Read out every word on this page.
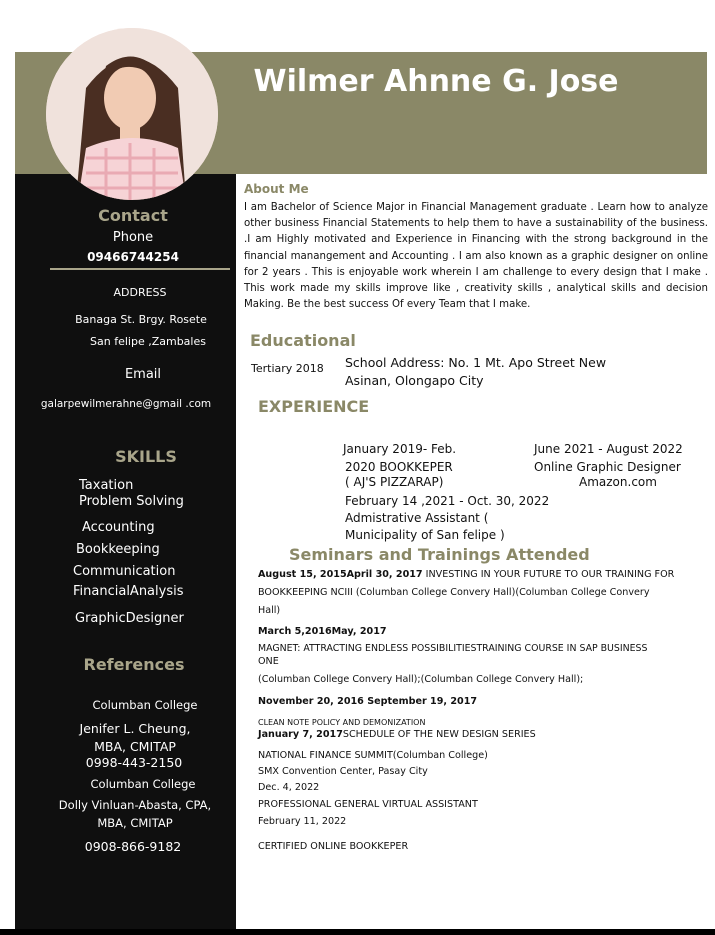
Wilmer Ahnne G. Jose
Contact
Phone
09466744254
ADDRESS
Banaga St. Brgy. Rosete
San felipe ,Zambales
Email
galarpewilmerahne@gmail .com
SKILLS
Taxation
Problem Solving
Accounting
Bookkeeping
Communication
FinancialAnalysis
GraphicDesigner
References
Columban College
Jenifer L. Cheung,
MBA, CMITAP
0998-443-2150
Columban College
Dolly Vinluan-Abasta, CPA,
MBA, CMITAP
0908-866-9182
About Me
I am Bachelor of Science Major in Financial Management graduate . Learn how to analyze other business Financial Statements to help them to have a sustainability of the business. .I am Highly motivated and Experience in Financing with the strong background in the financial manangement and Accounting . I am also known as a graphic designer on online for 2 years . This is enjoyable work wherein I am challenge to every design that I make . This work made my skills improve like , creativity skills , analytical skills and decision Making. Be the best success Of every Team that I make.
Educational
Tertiary 2018 School Address: No. 1 Mt. Apo Street New
Asinan, Olongapo City
EXPERIENCE
January 2019- Feb.
2020 BOOKKEPER
( AJ'S PIZZARAP)
February 14 ,2021 - Oct. 30, 2022
Admistrative Assistant (
Municipality of San felipe )
June 2021 - August 2022
Online Graphic Designer
Amazon.com
Seminars and Trainings Attended
August 15, 2015April 30, 2017 INVESTING IN YOUR FUTURE TO OUR TRAINING FOR
BOOKKEEPING NCIII (Columban College Convery Hall)(Columban College Convery
Hall)
March 5,2016May, 2017
MAGNET: ATTRACTING ENDLESS POSSIBILITIESTRAINING COURSE IN SAP BUSINESS
ONE
(Columban College Convery Hall);(Columban College Convery Hall);
November 20, 2016 September 19, 2017
CLEAN NOTE POLICY AND DEMONIZATION
January 7, 2017SCHEDULE OF THE NEW DESIGN SERIES
NATIONAL FINANCE SUMMIT(Columban College)
SMX Convention Center, Pasay City
Dec. 4, 2022
PROFESSIONAL GENERAL VIRTUAL ASSISTANT
February 11, 2022
CERTIFIED ONLINE BOOKKEPER
